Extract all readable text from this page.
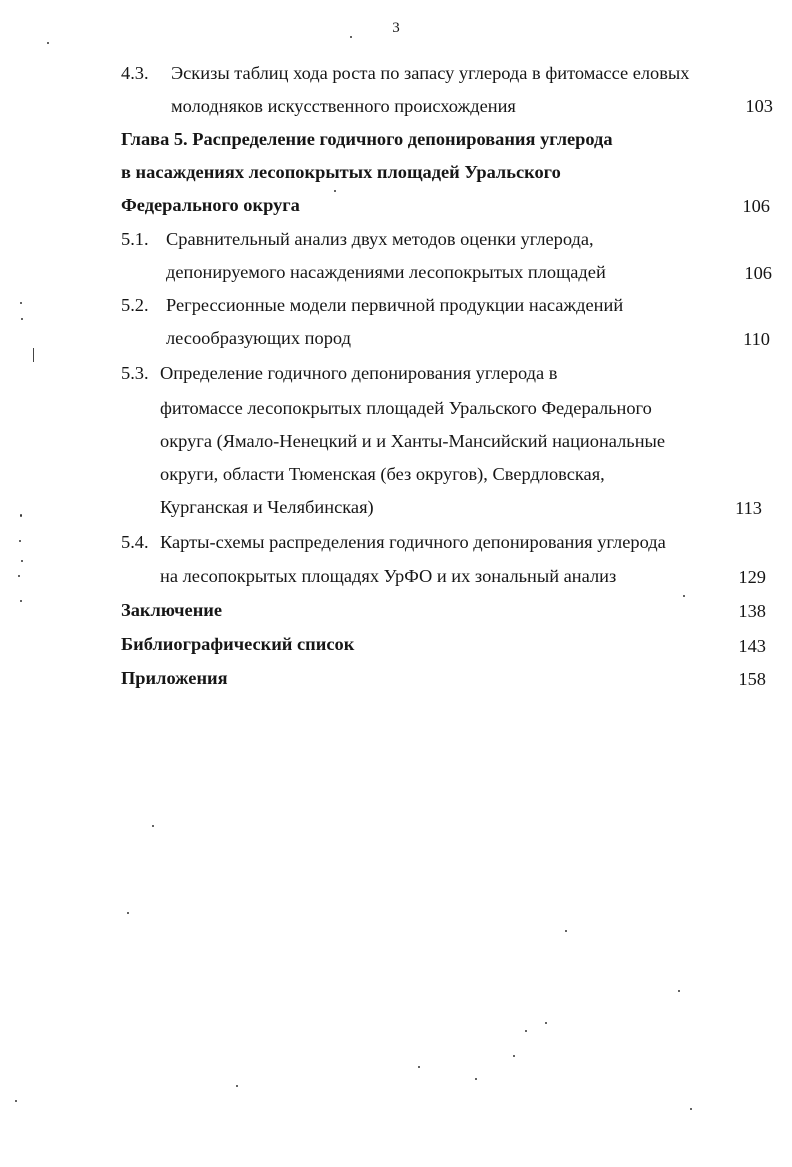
3
4.3. Эскизы таблиц хода роста по запасу углерода в фитомассе еловых
молодняков искусственного происхождения	103
Глава 5. Распределение годичного депонирования углерода
в насаждениях лесопокрытых площадей Уральского
Федерального округа	106
5.1. Сравнительный анализ двух методов оценки углерода,
депонируемого насаждениями лесопокрытых площадей	106
5.2. Регрессионные модели первичной продукции насаждений
лесообразующих пород	110
5.3. Определение годичного депонирования углерода в
фитомассе лесопокрытых площадей Уральского Федерального
округа (Ямало-Ненецкий и и Ханты-Мансийский национальные
округи, области Тюменская (без округов), Свердловская,
Курганская и Челябинская)	113
5.4. Карты-схемы распределения годичного депонирования углерода
на лесопокрытых площадях УрФО и их зональный анализ	129
Заключение	138
Библиографический список	143
Приложения	158
